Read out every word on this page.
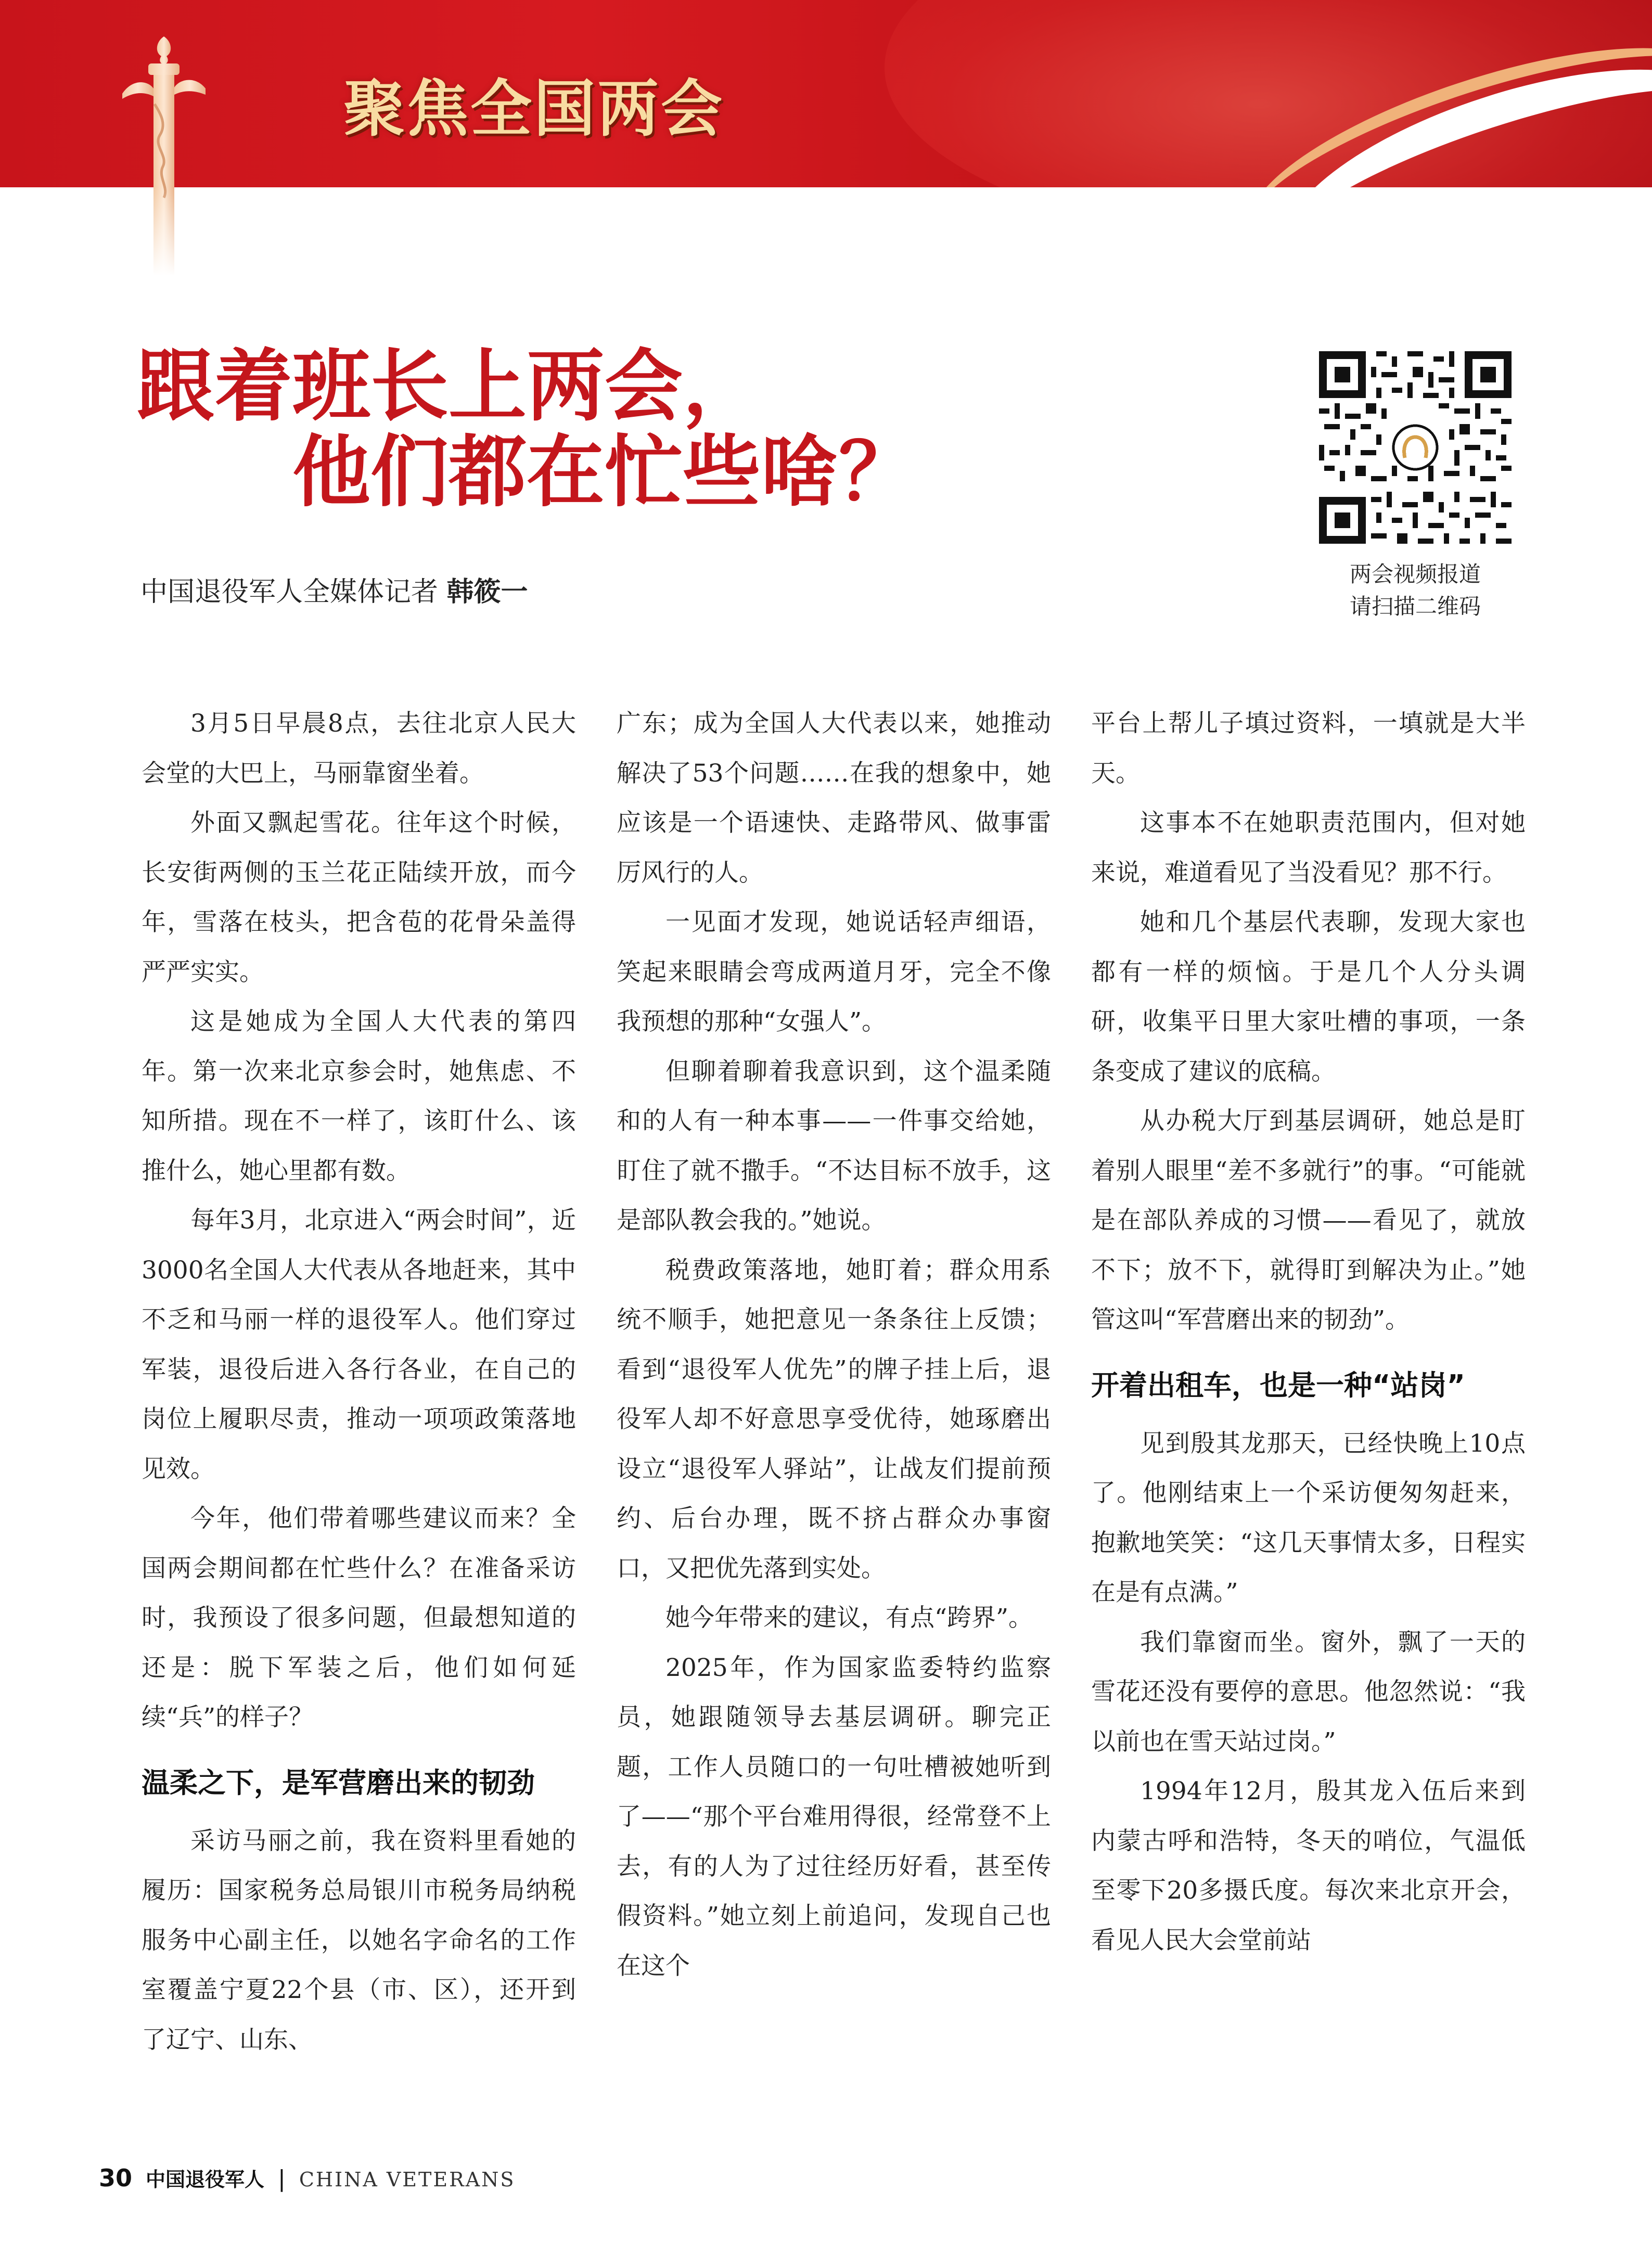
聚焦全国两会
跟着班长上两会，
他们都在忙些啥？
中国退役军人全媒体记者 韩筱一
两会视频报道
请扫描二维码

3月5日早晨8点，去往北京人民大会堂的大巴上，马丽靠窗坐着。

外面又飘起雪花。往年这个时候，长安街两侧的玉兰花正陆续开放，而今年，雪落在枝头，把含苞的花骨朵盖得严严实实。

这是她成为全国人大代表的第四年。第一次来北京参会时，她焦虑、不知所措。现在不一样了，该盯什么、该推什么，她心里都有数。

每年3月，北京进入“两会时间”，近3000名全国人大代表从各地赶来，其中不乏和马丽一样的退役军人。他们穿过军装，退役后进入各行各业，在自己的岗位上履职尽责，推动一项项政策落地见效。

今年，他们带着哪些建议而来？全国两会期间都在忙些什么？在准备采访时，我预设了很多问题，但最想知道的还是：脱下军装之后，他们如何延续“兵”的样子？

温柔之下，是军营磨出来的韧劲

采访马丽之前，我在资料里看她的履历：国家税务总局银川市税务局纳税服务中心副主任，以她名字命名的工作室覆盖宁夏22个县（市、区），还开到了辽宁、山东、

广东；成为全国人大代表以来，她推动解决了53个问题……在我的想象中，她应该是一个语速快、走路带风、做事雷厉风行的人。

一见面才发现，她说话轻声细语，笑起来眼睛会弯成两道月牙，完全不像我预想的那种“女强人”。

但聊着聊着我意识到，这个温柔随和的人有一种本事——一件事交给她，盯住了就不撒手。“不达目标不放手，这是部队教会我的。”她说。

税费政策落地，她盯着；群众用系统不顺手，她把意见一条条往上反馈；看到“退役军人优先”的牌子挂上后，退役军人却不好意思享受优待，她琢磨出设立“退役军人驿站”，让战友们提前预约、后台办理，既不挤占群众办事窗口，又把优先落到实处。

她今年带来的建议，有点“跨界”。

2025年，作为国家监委特约监察员，她跟随领导去基层调研。聊完正题，工作人员随口的一句吐槽被她听到了——“那个平台难用得很，经常登不上去，有的人为了过往经历好看，甚至传假资料。”她立刻上前追问，发现自己也在这个

平台上帮儿子填过资料，一填就是大半天。

这事本不在她职责范围内，但对她来说，难道看见了当没看见？那不行。

她和几个基层代表聊，发现大家也都有一样的烦恼。于是几个人分头调研，收集平日里大家吐槽的事项，一条条变成了建议的底稿。

从办税大厅到基层调研，她总是盯着别人眼里“差不多就行”的事。“可能就是在部队养成的习惯——看见了，就放不下；放不下，就得盯到解决为止。”她管这叫“军营磨出来的韧劲”。

开着出租车，也是一种“站岗”

见到殷其龙那天，已经快晚上10点了。他刚结束上一个采访便匆匆赶来，抱歉地笑笑：“这几天事情太多，日程实在是有点满。”

我们靠窗而坐。窗外，飘了一天的雪花还没有要停的意思。他忽然说：“我以前也在雪天站过岗。”

1994年12月，殷其龙入伍后来到内蒙古呼和浩特，冬天的哨位，气温低至零下20多摄氏度。每次来北京开会，看见人民大会堂前站

30 中国退役军人 | CHINA VETERANS
